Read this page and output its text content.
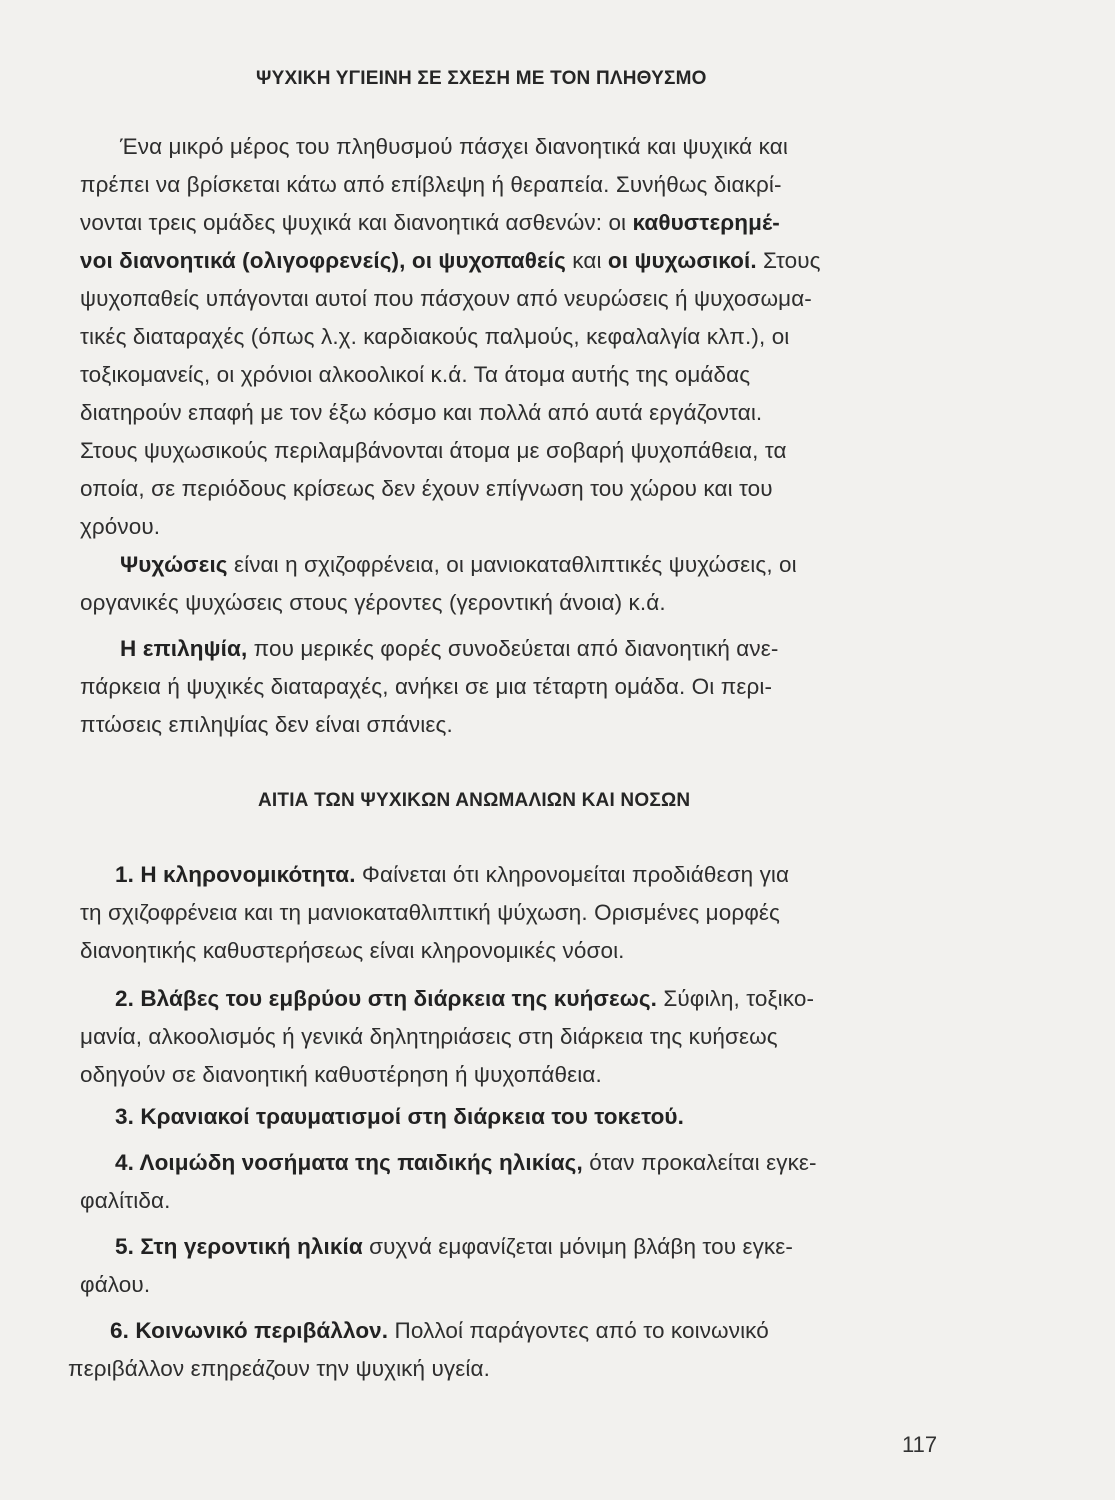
ΨΥΧΙΚΗ ΥΓΙΕΙΝΗ ΣΕ ΣΧΕΣΗ ΜΕ ΤΟΝ ΠΛΗΘΥΣΜΟ
Ένα μικρό μέρος του πληθυσμού πάσχει διανοητικά και ψυχικά και
πρέπει να βρίσκεται κάτω από επίβλεψη ή θεραπεία. Συνήθως διακρί-
νονται τρεις ομάδες ψυχικά και διανοητικά ασθενών: οι καθυστερημέ-
νοι διανοητικά (ολιγοφρενείς), οι ψυχοπαθείς και οι ψυχωσικοί. Στους
ψυχοπαθείς υπάγονται αυτοί που πάσχουν από νευρώσεις ή ψυχοσωμα-
τικές διαταραχές (όπως λ.χ. καρδιακούς παλμούς, κεφαλαλγία κλπ.), οι
τοξικομανείς, οι χρόνιοι αλκοολικοί κ.ά. Τα άτομα αυτής της ομάδας
διατηρούν επαφή με τον έξω κόσμο και πολλά από αυτά εργάζονται.
Στους ψυχωσικούς περιλαμβάνονται άτομα με σοβαρή ψυχοπάθεια, τα
οποία, σε περιόδους κρίσεως δεν έχουν επίγνωση του χώρου και του
χρόνου.
Ψυχώσεις είναι η σχιζοφρένεια, οι μανιοκαταθλιπτικές ψυχώσεις, οι
οργανικές ψυχώσεις στους γέροντες (γεροντική άνοια) κ.ά.
Η επιληψία, που μερικές φορές συνοδεύεται από διανοητική ανε-
πάρκεια ή ψυχικές διαταραχές, ανήκει σε μια τέταρτη ομάδα. Οι περι-
πτώσεις επιληψίας δεν είναι σπάνιες.
ΑΙΤΙΑ ΤΩΝ ΨΥΧΙΚΩΝ ΑΝΩΜΑΛΙΩΝ ΚΑΙ ΝΟΣΩΝ
1. Η κληρονομικότητα. Φαίνεται ότι κληρονομείται προδιάθεση για
τη σχιζοφρένεια και τη μανιοκαταθλιπτική ψύχωση. Ορισμένες μορφές
διανοητικής καθυστερήσεως είναι κληρονομικές νόσοι.
2. Βλάβες του εμβρύου στη διάρκεια της κυήσεως. Σύφιλη, τοξικο-
μανία, αλκοολισμός ή γενικά δηλητηριάσεις στη διάρκεια της κυήσεως
οδηγούν σε διανοητική καθυστέρηση ή ψυχοπάθεια.
3. Κρανιακοί τραυματισμοί στη διάρκεια του τοκετού.
4. Λοιμώδη νοσήματα της παιδικής ηλικίας, όταν προκαλείται εγκε-
φαλίτιδα.
5. Στη γεροντική ηλικία συχνά εμφανίζεται μόνιμη βλάβη του εγκε-
φάλου.
6. Κοινωνικό περιβάλλον. Πολλοί παράγοντες από το κοινωνικό
περιβάλλον επηρεάζουν την ψυχική υγεία.
117
